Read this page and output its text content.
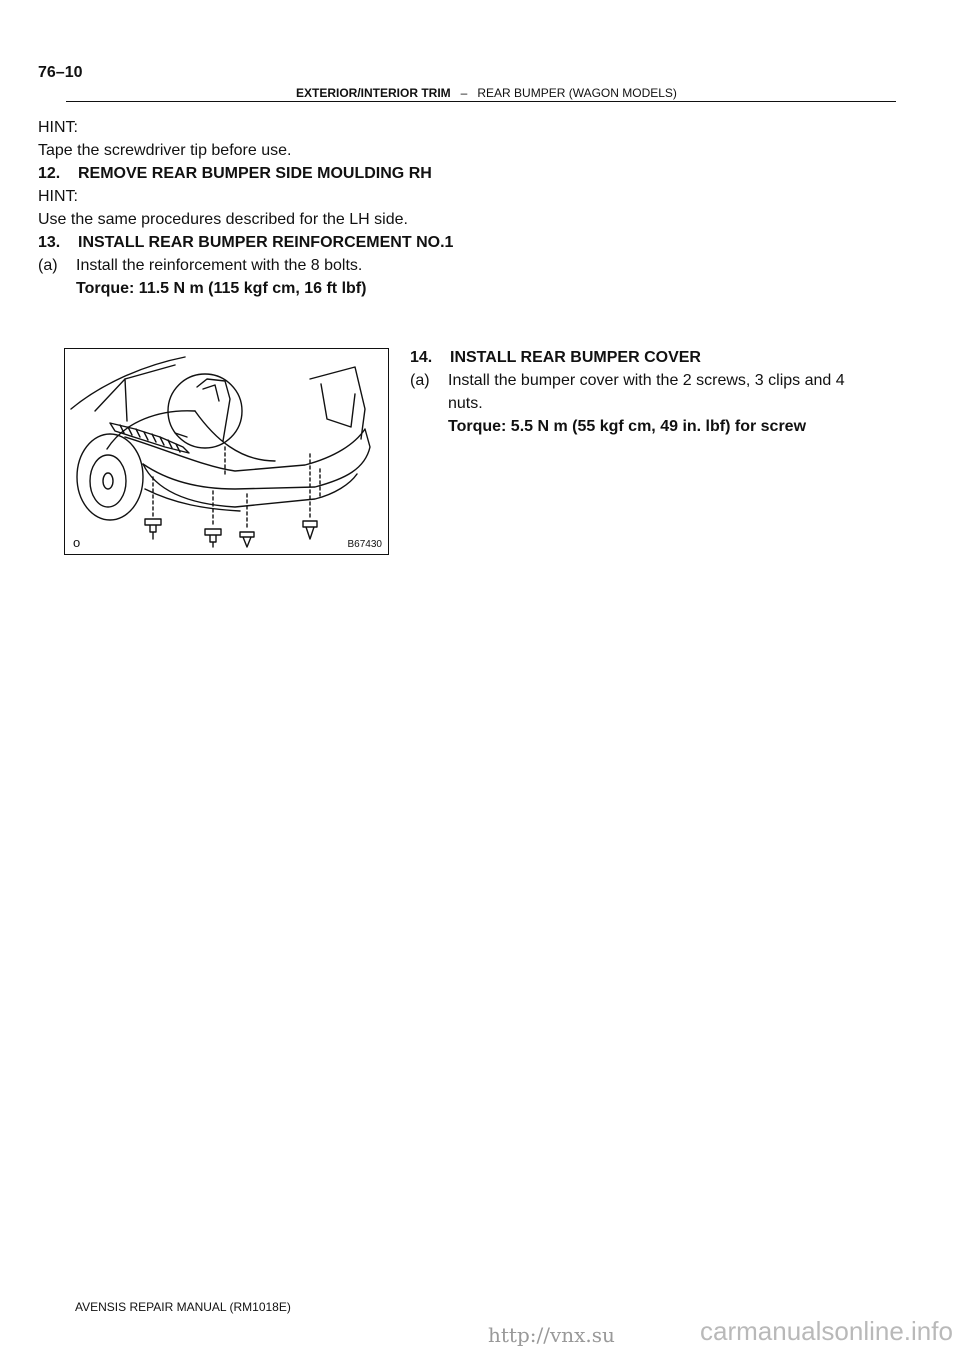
76–10
EXTERIOR/INTERIOR TRIM – REAR BUMPER (WAGON MODELS)
HINT:
Tape the screwdriver tip before use.
12. REMOVE REAR BUMPER SIDE MOULDING RH
HINT:
Use the same procedures described for the LH side.
13. INSTALL REAR BUMPER REINFORCEMENT NO.1
(a) Install the reinforcement with the 8 bolts.
Torque: 11.5 N m (115 kgf cm, 16 ft lbf)
o	B67430
14. INSTALL REAR BUMPER COVER
(a) Install the bumper cover with the 2 screws, 3 clips and 4
nuts.
Torque: 5.5 N m (55 kgf cm, 49 in. lbf) for screw
AVENSIS REPAIR MANUAL (RM1018E)
http://vnx.su	carmanualsonline.info
